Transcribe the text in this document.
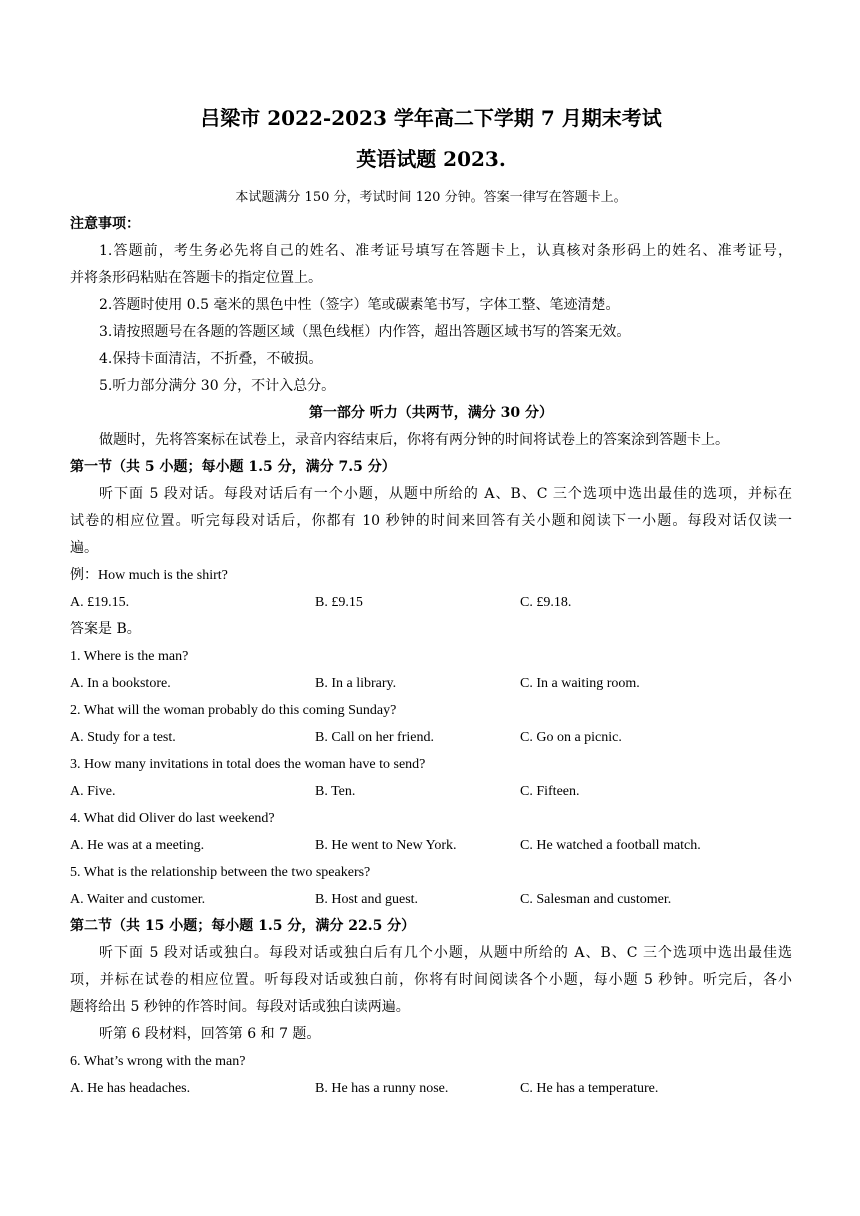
吕梁市 2022-2023 学年高二下学期 7 月期末考试
英语试题 2023.
本试题满分 150 分，考试时间 120 分钟。答案一律写在答题卡上。
注意事项：
1.答题前，考生务必先将自己的姓名、准考证号填写在答题卡上，认真核对条形码上的姓名、准考证号，
并将条形码粘贴在答题卡的指定位置上。
2.答题时使用 0.5 毫米的黑色中性（签字）笔或碳素笔书写，字体工整、笔迹清楚。
3.请按照题号在各题的答题区域（黑色线框）内作答，超出答题区域书写的答案无效。
4.保持卡面清洁，不折叠，不破损。
5.听力部分满分 30 分，不计入总分。
第一部分 听力（共两节，满分 30 分）
做题时，先将答案标在试卷上，录音内容结束后，你将有两分钟的时间将试卷上的答案涂到答题卡上。
第一节（共 5 小题；每小题 1.5 分，满分 7.5 分）
听下面 5 段对话。每段对话后有一个小题，从题中所给的 A、B、C 三个选项中选出最佳的选项，并标在
试卷的相应位置。听完每段对话后，你都有 10 秒钟的时间来回答有关小题和阅读下一小题。每段对话仅读一
遍。
例：How much is the shirt?
A. £19.15.	B. £9.15	C. £9.18.
答案是 B。
1. Where is the man?
A. In a bookstore.	B. In a library.	C. In a waiting room.
2. What will the woman probably do this coming Sunday?
A. Study for a test.	B. Call on her friend.	C. Go on a picnic.
3. How many invitations in total does the woman have to send?
A. Five.	B. Ten.	C. Fifteen.
4. What did Oliver do last weekend?
A. He was at a meeting.	B. He went to New York.	C. He watched a football match.
5. What is the relationship between the two speakers?
A. Waiter and customer.	B. Host and guest.	C. Salesman and customer.
第二节（共 15 小题；每小题 1.5 分，满分 22.5 分）
听下面 5 段对话或独白。每段对话或独白后有几个小题，从题中所给的 A、B、C 三个选项中选出最佳选
项，并标在试卷的相应位置。听每段对话或独白前，你将有时间阅读各个小题，每小题 5 秒钟。听完后，各小
题将给出 5 秒钟的作答时间。每段对话或独白读两遍。
听第 6 段材料，回答第 6 和 7 题。
6. What’s wrong with the man?
A. He has headaches.	B. He has a runny nose.	C. He has a temperature.
